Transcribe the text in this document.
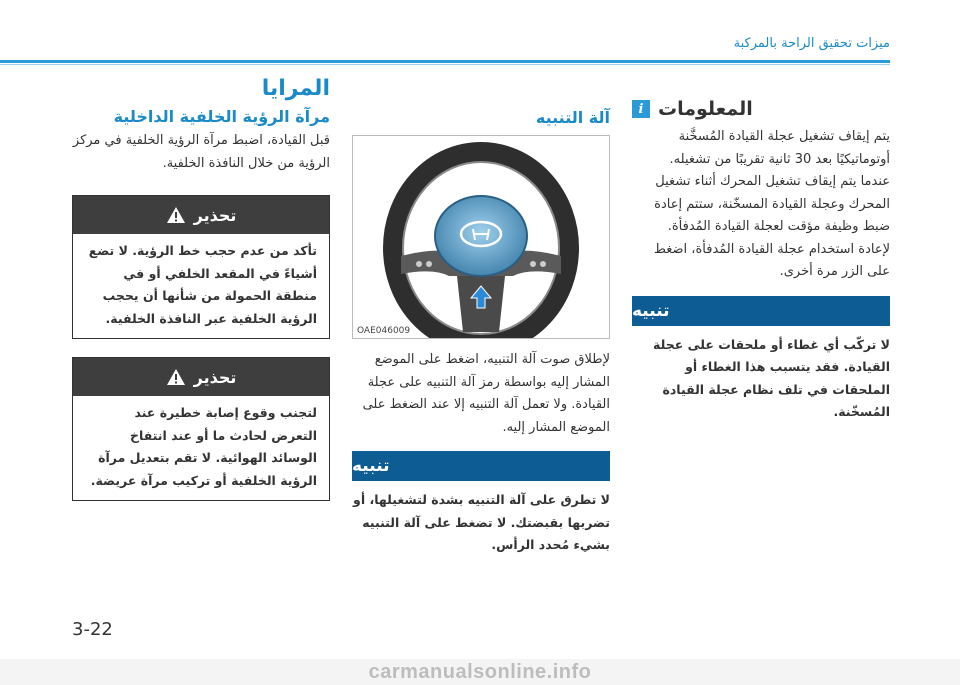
ميزات تحقيق الراحة بالمركبة
i المعلومات

يتم إيقاف تشغيل عجلة القيادة المُسخَّنة أوتوماتيكيًا بعد 30 ثانية تقريبًا من تشغيله.

عندما يتم إيقاف تشغيل المحرك أثناء تشغيل المحرك وعجلة القيادة المسخّنة، ستتم إعادة ضبط وظيفة مؤقت لعجلة القيادة المُدفأة.

لإعادة استخدام عجلة القيادة المُدفأة، اضغط على الزر مرة أخرى.

تنبيه

لا تركّب أي غطاء أو ملحقات على عجلة القيادة. فقد يتسبب هذا الغطاء أو الملحقات في تلف نظام عجلة القيادة المُسخّنة.

آلة التنبيه
OAE046009

لإطلاق صوت آلة التنبيه، اضغط على الموضع المشار إليه بواسطة رمز آلة التنبيه على عجلة القيادة. ولا تعمل آلة التنبيه إلا عند الضغط على الموضع المشار إليه.

تنبيه

لا تطرق على آلة التنبيه بشدة لتشغيلها، أو تضربها بقبضتك. لا تضغط على آلة التنبيه بشيء مُحدد الرأس.

المرايا
مرآة الرؤية الخلفية الداخلية

قبل القيادة، اضبط مرآة الرؤية الخلفية في مركز الرؤية من خلال النافذة الخلفية.

تحذير
تأكد من عدم حجب خط الرؤية. لا تضع أشياءً في المقعد الخلفي أو في منطقة الحمولة من شأنها أن يحجب الرؤية الخلفية عبر النافذة الخلفية.
تحذير
لتجنب وقوع إصابة خطيرة عند التعرض لحادث ما أو عند انتفاخ الوسائد الهوائية. لا تقم بتعديل مرآة الرؤية الخلفية أو تركيب مرآة عريضة.
3-22
carmanualsonline.info
